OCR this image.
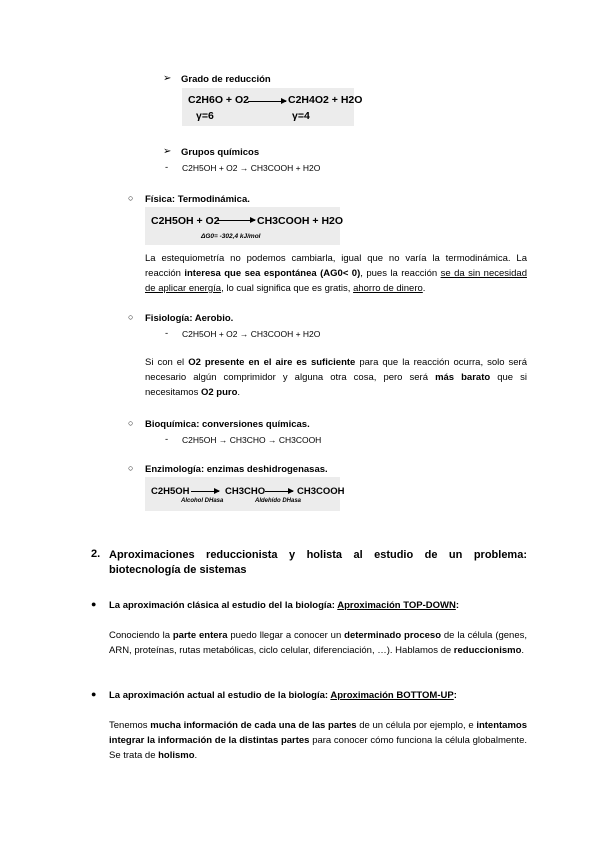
➢ Grado de reducción
C2H6O + O2 → C2H4O2 + H2O
γ=6	γ=4
➢ Grupos químicos
- C2H5OH + O2 → CH3COOH + H2O
○ Física: Termodinámica.
C2H5OH + O2 → CH3COOH + H2O
ΔG0= -302,4 kJ/mol
La estequiometría no podemos cambiarla, igual que no varía la termodinámica. La reacción interesa que sea espontánea (AG0< 0), pues la reacción se da sin necesidad de aplicar energía, lo cual significa que es gratis, ahorro de dinero.
○ Fisiología: Aerobio.
- C2H5OH + O2 → CH3COOH + H2O
Si con el O2 presente en el aire es suficiente para que la reacción ocurra, solo será necesario algún comprimidor y alguna otra cosa, pero será más barato que si necesitamos O2 puro.
○ Bioquímica: conversiones químicas.
- C2H5OH → CH3CHO → CH3COOH
○ Enzimología: enzimas deshidrogenasas.
C2H5OH →
Alcohol DHasa
CH3CHO →
Aldehído DHasa
CH3COOH
2. Aproximaciones reduccionista y holista al estudio de un problema:
biotecnología de sistemas
● La aproximación clásica al estudio del la biología: Aproximación TOP-DOWN:
Conociendo la parte entera puedo llegar a conocer un determinado proceso de la célula (genes, ARN, proteínas, rutas metabólicas, ciclo celular, diferenciación, …). Hablamos de reduccionismo.
● La aproximación actual al estudio de la biología: Aproximación BOTTOM-UP:
Tenemos mucha información de cada una de las partes de un célula por ejemplo, e intentamos integrar la información de la distintas partes para conocer cómo funciona la célula globalmente. Se trata de holismo.
